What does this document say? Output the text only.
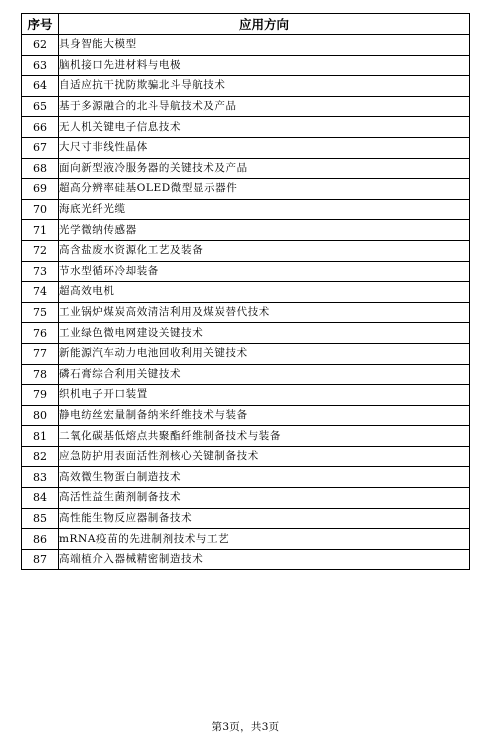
序号	应用方向
62	具身智能大模型
63	脑机接口先进材料与电极
64	自适应抗干扰防欺骗北斗导航技术
65	基于多源融合的北斗导航技术及产品
66	无人机关键电子信息技术
67	大尺寸非线性晶体
68	面向新型液冷服务器的关键技术及产品
69	超高分辨率硅基OLED微型显示器件
70	海底光纤光缆
71	光学微纳传感器
72	高含盐废水资源化工艺及装备
73	节水型循环冷却装备
74	超高效电机
75	工业锅炉煤炭高效清洁利用及煤炭替代技术
76	工业绿色微电网建设关键技术
77	新能源汽车动力电池回收利用关键技术
78	磷石膏综合利用关键技术
79	织机电子开口装置
80	静电纺丝宏量制备纳米纤维技术与装备
81	二氧化碳基低熔点共聚酯纤维制备技术与装备
82	应急防护用表面活性剂核心关键制备技术
83	高效微生物蛋白制造技术
84	高活性益生菌剂制备技术
85	高性能生物反应器制备技术
86	mRNA疫苗的先进制剂技术与工艺
87	高端植介入器械精密制造技术
第3页，共3页
